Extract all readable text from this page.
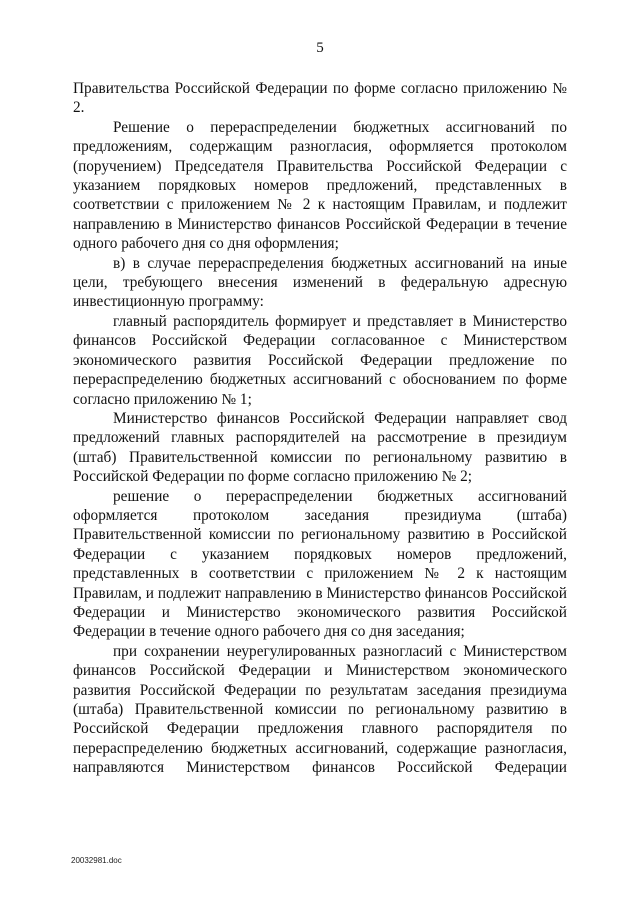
5

Правительства Российской Федерации по форме согласно приложению № 2.

Решение о перераспределении бюджетных ассигнований по предложениям, содержащим разногласия, оформляется протоколом (поручением) Председателя Правительства Российской Федерации с указанием порядковых номеров предложений, представленных в соответствии с приложением № 2 к настоящим Правилам, и подлежит направлению в Министерство финансов Российской Федерации в течение одного рабочего дня со дня оформления;

в) в случае перераспределения бюджетных ассигнований на иные цели, требующего внесения изменений в федеральную адресную инвестиционную программу:

главный распорядитель формирует и представляет в Министерство финансов Российской Федерации согласованное с Министерством экономического развития Российской Федерации предложение по перераспределению бюджетных ассигнований с обоснованием по форме согласно приложению № 1;

Министерство финансов Российской Федерации направляет свод предложений главных распорядителей на рассмотрение в президиум (штаб) Правительственной комиссии по региональному развитию в Российской Федерации по форме согласно приложению № 2;

решение о перераспределении бюджетных ассигнований оформляется протоколом заседания президиума (штаба) Правительственной комиссии по региональному развитию в Российской Федерации с указанием порядковых номеров предложений, представленных в соответствии с приложением № 2 к настоящим Правилам, и подлежит направлению в Министерство финансов Российской Федерации и Министерство экономического развития Российской Федерации в течение одного рабочего дня со дня заседания;

при сохранении неурегулированных разногласий с Министерством финансов Российской Федерации и Министерством экономического развития Российской Федерации по результатам заседания президиума (штаба) Правительственной комиссии по региональному развитию в Российской Федерации предложения главного распорядителя по перераспределению бюджетных ассигнований, содержащие разногласия, направляются Министерством финансов Российской Федерации

20032981.doc
